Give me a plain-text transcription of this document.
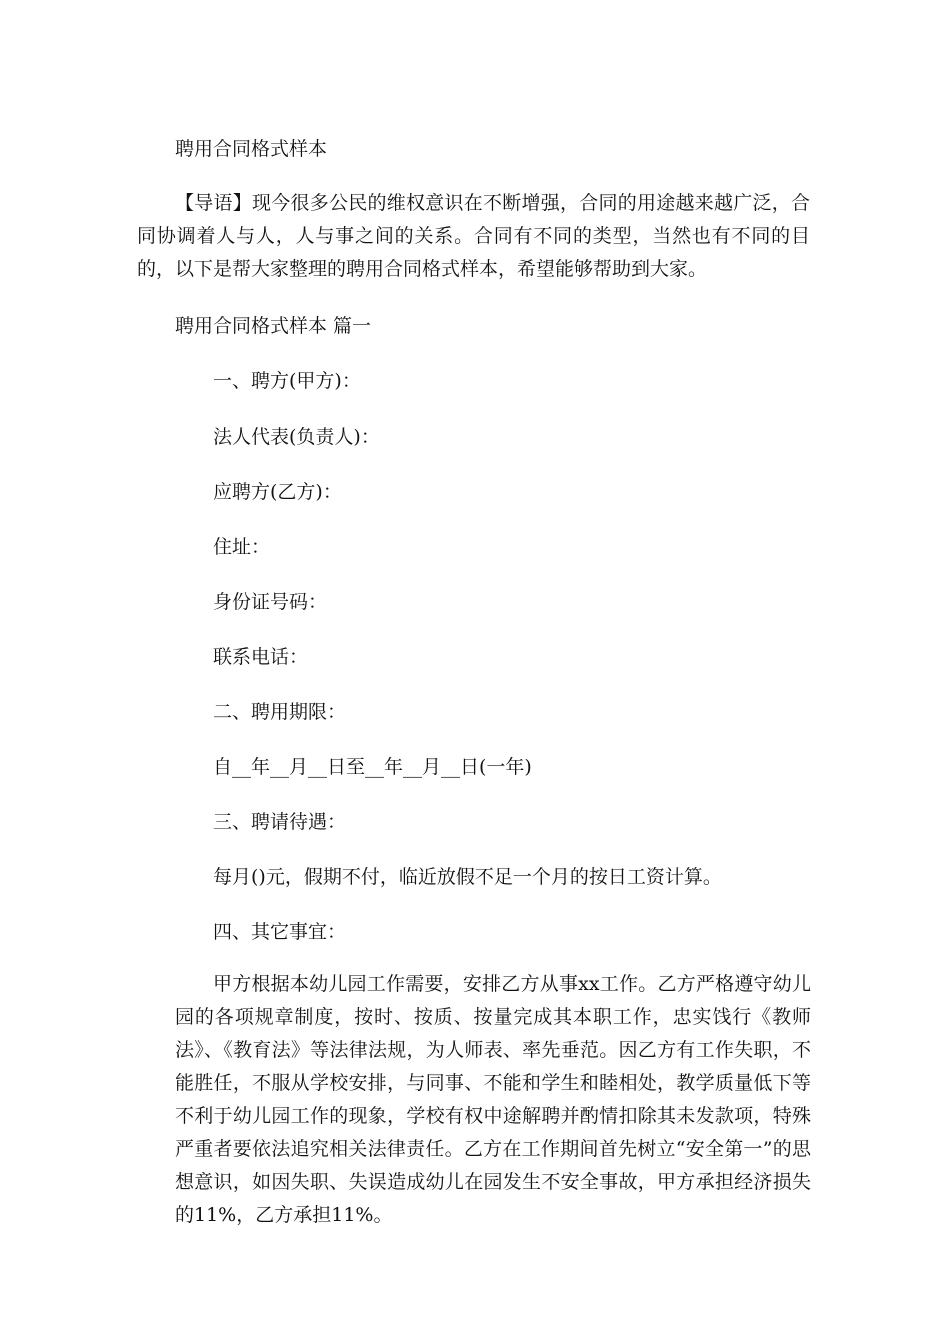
聘用合同格式样本

【导语】现今很多公民的维权意识在不断增强，合同的用途越来越广泛，合同协调着人与人，人与事之间的关系。合同有不同的类型，当然也有不同的目的，以下是帮大家整理的聘用合同格式样本，希望能够帮助到大家。

聘用合同格式样本 篇一

一、聘方(甲方)：

法人代表(负责人)：

应聘方(乙方)：

住址：

身份证号码：

联系电话：

二、聘用期限：

自__年__月__日至__年__月__日(一年)

三、聘请待遇：

每月()元，假期不付，临近放假不足一个月的按日工资计算。

四、其它事宜：

甲方根据本幼儿园工作需要，安排乙方从事xx工作。乙方严格遵守幼儿园的各项规章制度，按时、按质、按量完成其本职工作，忠实饯行《教师法》、《教育法》等法律法规，为人师表、率先垂范。因乙方有工作失职，不能胜任，不服从学校安排，与同事、不能和学生和睦相处，教学质量低下等不利于幼儿园工作的现象，学校有权中途解聘并酌情扣除其未发款项，特殊严重者要依法追究相关法律责任。乙方在工作期间首先树立“安全第一”的思想意识，如因失职、失误造成幼儿在园发生不安全事故，甲方承担经济损失的11%，乙方承担11%。
